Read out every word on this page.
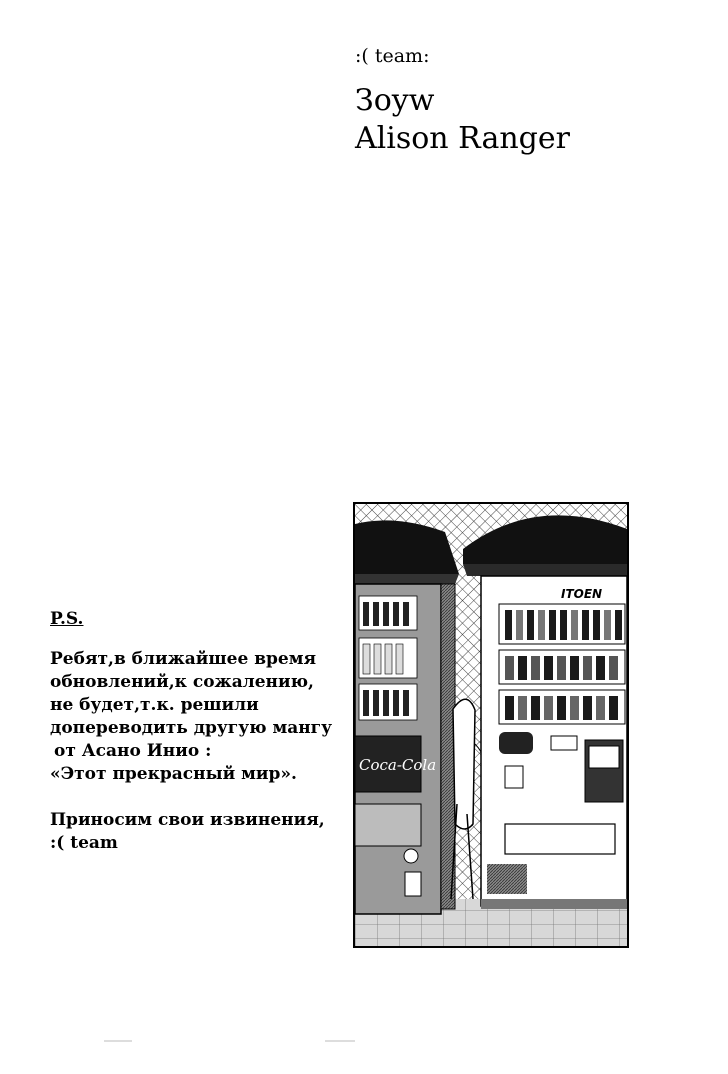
:( team:
Зoyw
Alison Ranger
P.S.
Ребят,в ближайшее время
обновлений,к сожалению,
не будет,т.к. решили
допереводить другую мангу
от Асано Инио :
«Этот прекрасный мир».
Приносим свои извинения,
:( team
Coca-Cola
ITOEN
